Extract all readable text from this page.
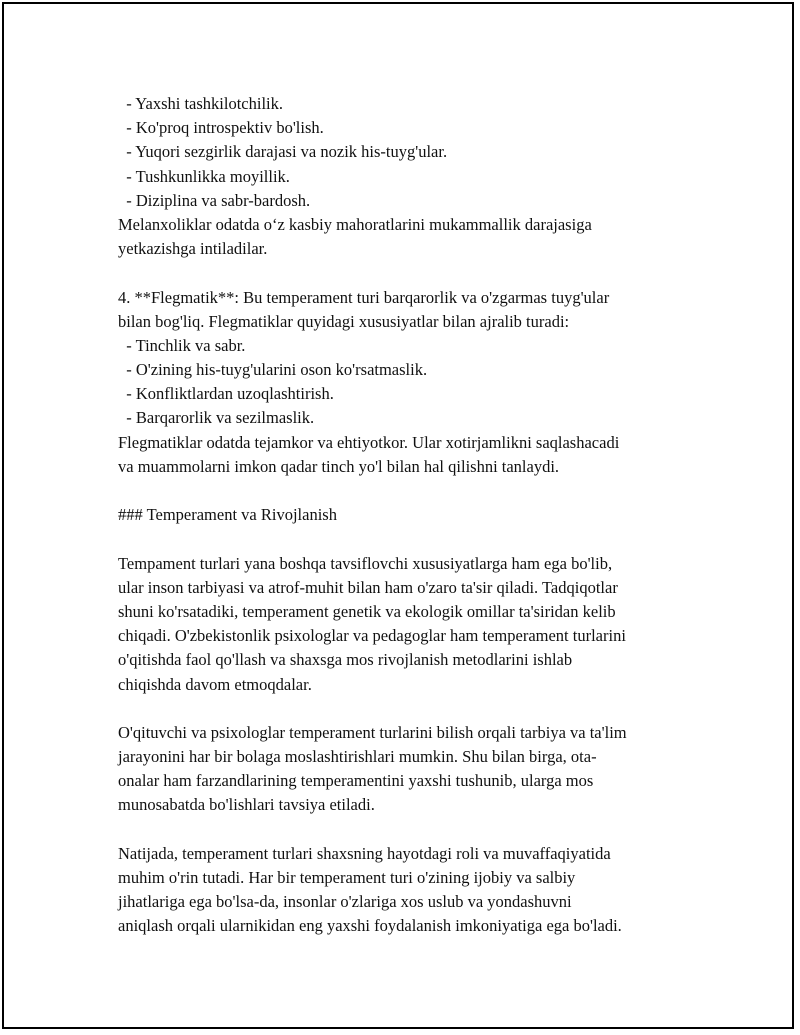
- Yaxshi tashkilotchilik.

- Ko'proq introspektiv bo'lish.

- Yuqori sezgirlik darajasi va nozik his-tuyg'ular.

- Tushkunlikka moyillik.

- Diziplina va sabr-bardosh.

Melanxoliklar odatda o‘z kasbiy mahoratlarini mukammallik darajasiga

yetkazishga intiladilar.

4. **Flegmatik**: Bu temperament turi barqarorlik va o'zgarmas tuyg'ular

bilan bog'liq. Flegmatiklar quyidagi xususiyatlar bilan ajralib turadi:

- Tinchlik va sabr.

- O'zining his-tuyg'ularini oson ko'rsatmaslik.

- Konfliktlardan uzoqlashtirish.

- Barqarorlik va sezilmaslik.

Flegmatiklar odatda tejamkor va ehtiyotkor. Ular xotirjamlikni saqlashacadi

va muammolarni imkon qadar tinch yo'l bilan hal qilishni tanlaydi.

### Temperament va Rivojlanish

Tempament turlari yana boshqa tavsiflovchi xususiyatlarga ham ega bo'lib,

ular inson tarbiyasi va atrof-muhit bilan ham o'zaro ta'sir qiladi. Tadqiqotlar

shuni ko'rsatadiki, temperament genetik va ekologik omillar ta'siridan kelib

chiqadi. O'zbekistonlik psixologlar va pedagoglar ham temperament turlarini

o'qitishda faol qo'llash va shaxsga mos rivojlanish metodlarini ishlab

chiqishda davom etmoqdalar.

O'qituvchi va psixologlar temperament turlarini bilish orqali tarbiya va ta'lim

jarayonini har bir bolaga moslashtirishlari mumkin. Shu bilan birga, ota-

onalar ham farzandlarining temperamentini yaxshi tushunib, ularga mos

munosabatda bo'lishlari tavsiya etiladi.

Natijada, temperament turlari shaxsning hayotdagi roli va muvaffaqiyatida

muhim o'rin tutadi. Har bir temperament turi o'zining ijobiy va salbiy

jihatlariga ega bo'lsa-da, insonlar o'zlariga xos uslub va yondashuvni

aniqlash orqali ularnikidan eng yaxshi foydalanish imkoniyatiga ega bo'ladi.
